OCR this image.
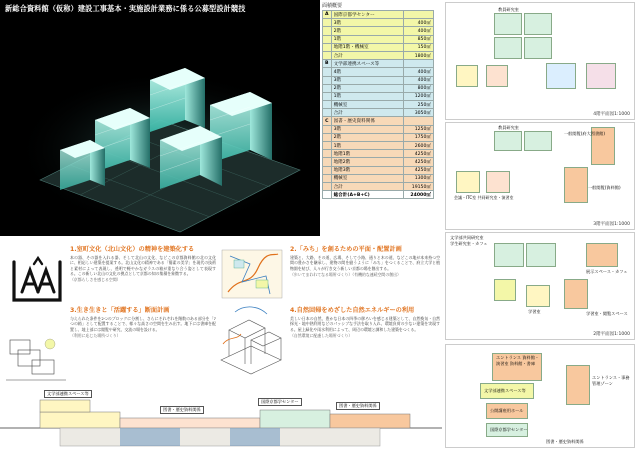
新総合資料館（仮称）建設工事基本・実施設計業務に係る公募型設計競技	面積概要
A	国際京都学センター	
	3階	400㎡
	2階	400㎡
	1階	850㎡
	地階1階・機械室	150㎡
	合計	1800㎡
B	文学部連携スペース等	
	4階	400㎡
	3階	400㎡
	2階	800㎡
	1階	1200㎡
	機械室	250㎡
	合計	3050㎡
C	図書・歴史資料関係	
	3階	1250㎡
	2階	1750㎡
	1階	2600㎡
	地階1階	4250㎡
	地階2階	4250㎡
	地階3階	4250㎡
	機械室	1300㎡
	合計	19150㎡
	総合計(A+B+C)	24000㎡
教員研究室
4階平面図1:1000
教員研究室
一般閲覧(府大図書館)
会議・ITC室 共同研究室・演習室
一般閲覧(資料館)
3階平面図1:1000
文学部共同研究室
学生研究室・カフェ
展示スペース・カフェ
学習室	学習室・閲覧スペース
2階平面図1:1000
エントランス 資料館・演習室 資料館・書庫
文学部連携スペース等
公開講座用ホール
国際京都学センター
エントランス・事務管理ゾーン
図書・歴史資料関係
1.室町文化（北山文化）の精神を建築化する

本の器、その器を入れる器、そして北山の文化、などこの京都資料館の北の文化に、相応しい建築を提案する。北山文化の精神である「簡素の美学」を現代の技術と素材によって表現し、透明で軽やかなガラスの箱が重なり合う姿として表現する。この新しい北山の文化の拠点として京都の知の集積を象徴する。

（京都らしさを感じる空間）

3.生き生きと「活躍する」断面計画

与えられた条件を2つのブロックに分割し、さらにそれぞれを階数のある部分を「7つの箱」として配置することで、様々な高さの空間を生み出す。地下には書庫を配置し、地上部には閲覧や研究、交流の場を設ける。

（利用に応じた場所づくり）

2.「みち」を創るための平面・配置計画

建築と、大路、その道、広場、そして小路、通りと木の道、などこの地が本来持つ空間の豊かさを継承し、建物の間を縫うように「みち」をつくることで、府立大学と植物園を結び、人々が行き交う新しい京都の場を創出する。

（歩いてまわれてなる場所づくり）（有機的な連続空間の創出）

4.自然回帰をめざした自然エネルギーの利用

美しい日本の自然、豊かな日本の四季の移ろいを感じる建築として、自然換気・自然採光・地中熱利用などのパッシブな手法を取り入れ、環境負荷の少ない建築を実現する。屋上緑化や雨水利用によって、周辺の環境と調和した建築をつくる。

（自然環境に配慮した場所づくり）

文学部連携スペース等
図書・歴史資料関係
国際京都学センター
図書・歴史資料関係
